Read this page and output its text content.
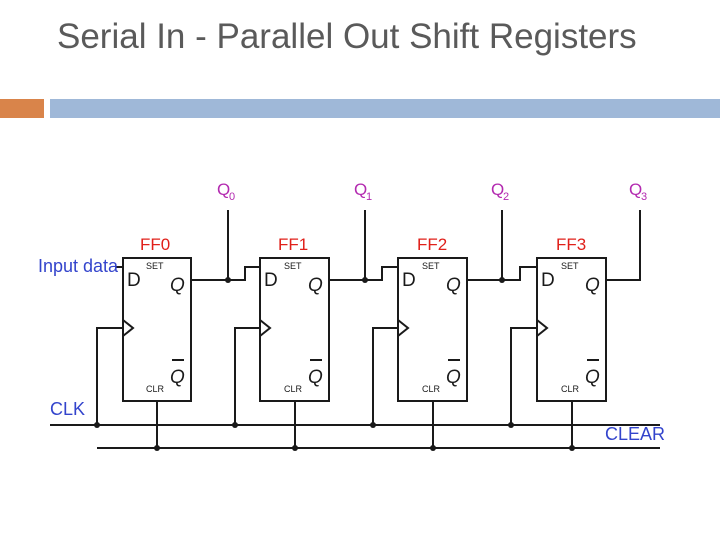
Serial In - Parallel Out Shift Registers
Q
0	Q
1	Q
2	Q
3
Input data
CLK
CLEAR
FF0
D
SET
Q
Q
CLR
FF1
D
SET
Q
Q
CLR
FF2
D
SET
Q
Q
CLR
FF3
D
SET
Q
Q
CLR
